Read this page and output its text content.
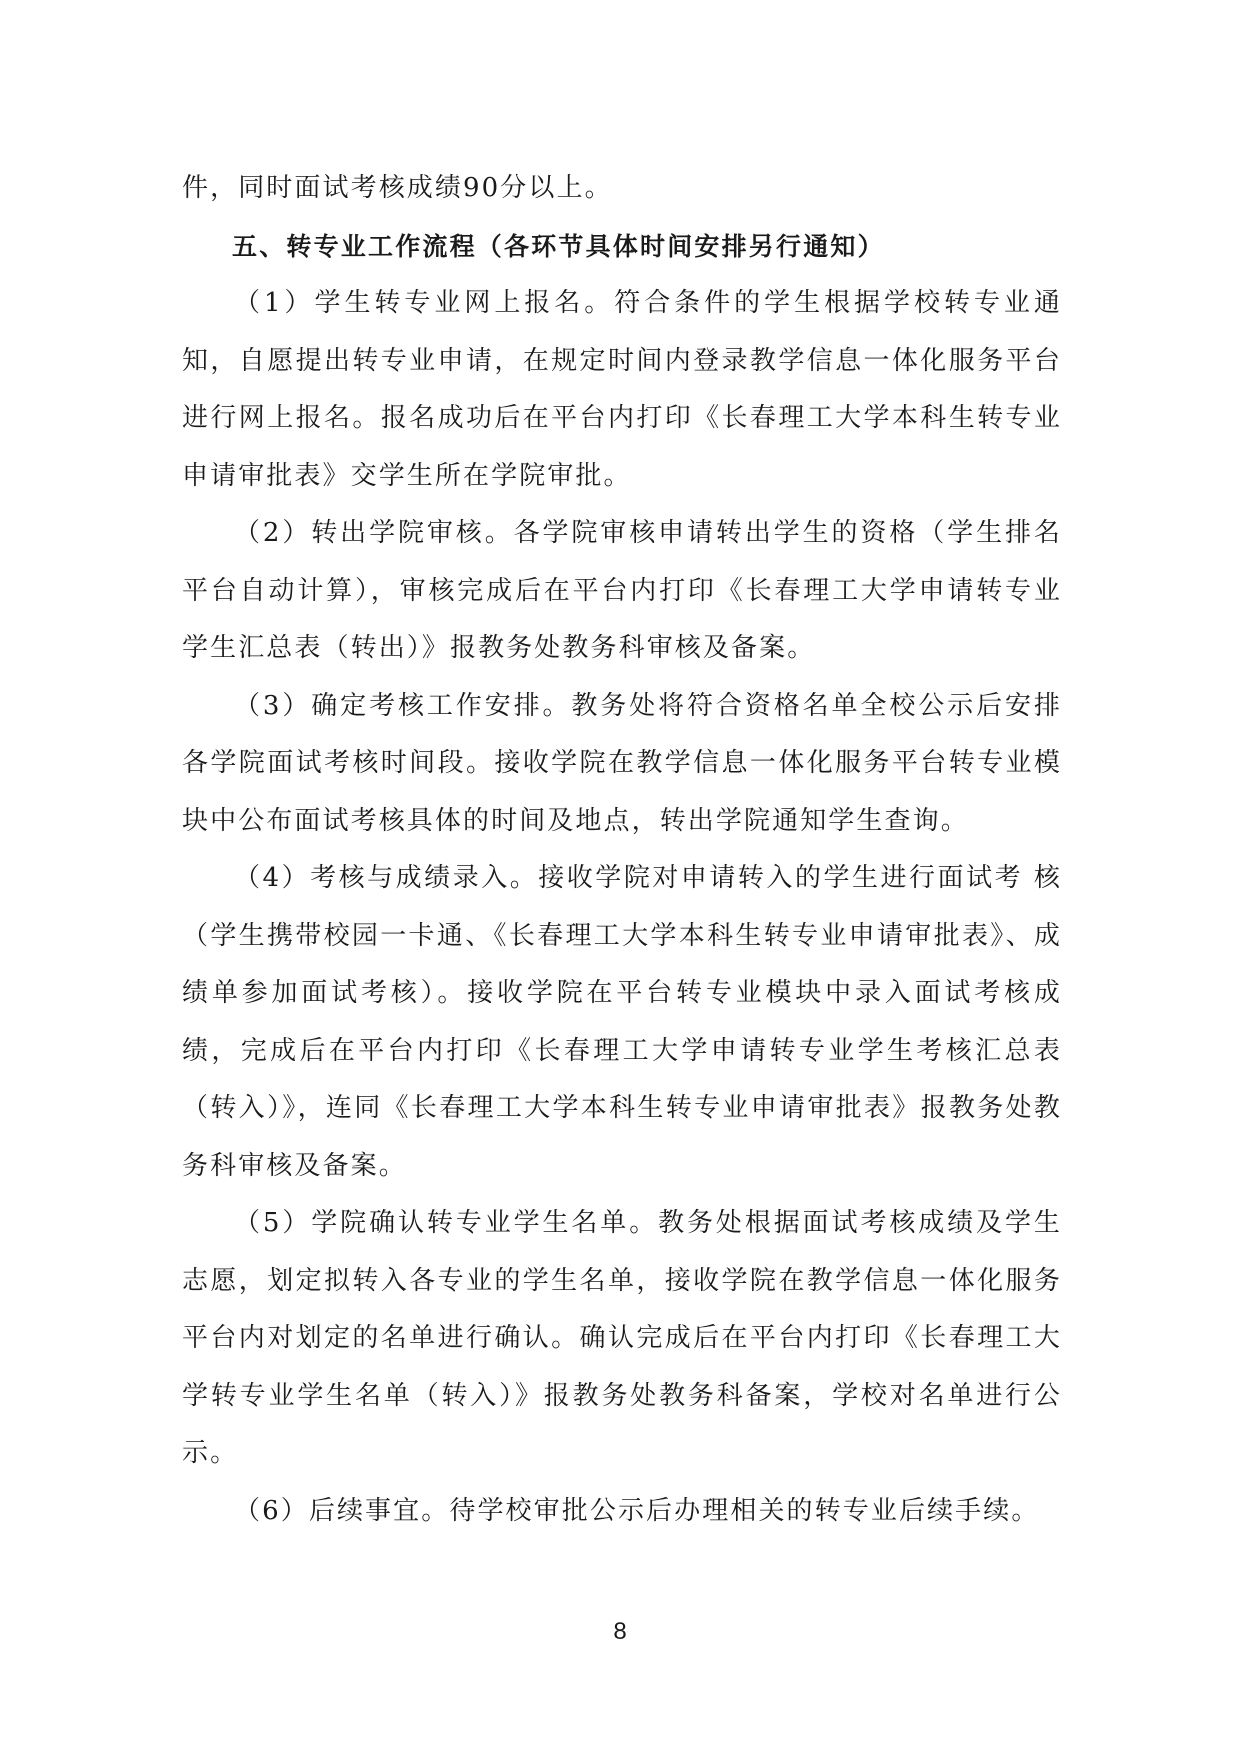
件，同时面试考核成绩90分以上。

五、转专业工作流程（各环节具体时间安排另行通知）

（1）学生转专业网上报名。符合条件的学生根据学校转专业通知，自愿提出转专业申请，在规定时间内登录教学信息一体化服务平台进行网上报名。报名成功后在平台内打印《长春理工大学本科生转专业申请审批表》交学生所在学院审批。

（2）转出学院审核。各学院审核申请转出学生的资格（学生排名平台自动计算），审核完成后在平台内打印《长春理工大学申请转专业学生汇总表（转出）》报教务处教务科审核及备案。

（3）确定考核工作安排。教务处将符合资格名单全校公示后安排各学院面试考核时间段。接收学院在教学信息一体化服务平台转专业模块中公布面试考核具体的时间及地点，转出学院通知学生查询。

（4）考核与成绩录入。接收学院对申请转入的学生进行面试考 核（学生携带校园一卡通、《长春理工大学本科生转专业申请审批表》、成绩单参加面试考核）。接收学院在平台转专业模块中录入面试考核成绩，完成后在平台内打印《长春理工大学申请转专业学生考核汇总表（转入）》，连同《长春理工大学本科生转专业申请审批表》报教务处教务科审核及备案。

（5）学院确认转专业学生名单。教务处根据面试考核成绩及学生志愿，划定拟转入各专业的学生名单，接收学院在教学信息一体化服务平台内对划定的名单进行确认。确认完成后在平台内打印《长春理工大学转专业学生名单（转入）》报教务处教务科备案，学校对名单进行公示。

（6）后续事宜。待学校审批公示后办理相关的转专业后续手续。

8
